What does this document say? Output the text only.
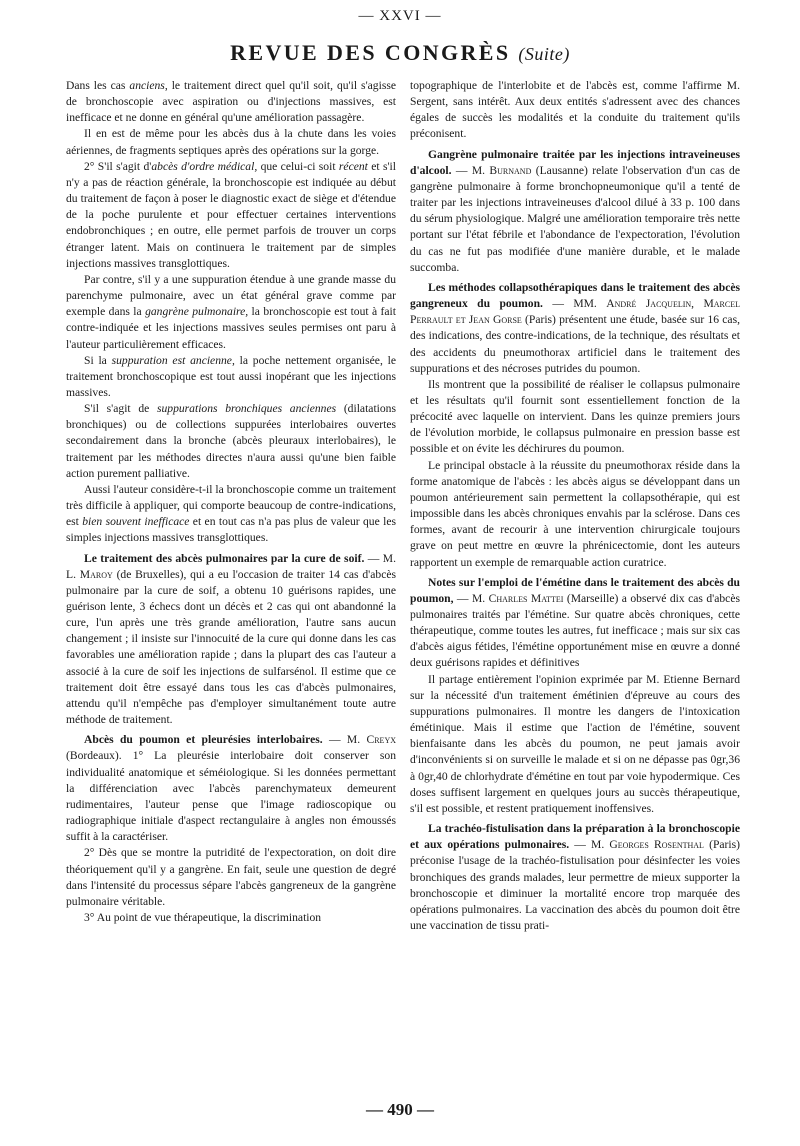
— XXVI —
REVUE DES CONGRÈS (Suite)

Dans les cas anciens, le traitement direct quel qu'il soit, qu'il s'agisse de bronchoscopie avec aspiration ou d'injections massives, est inefficace et ne donne en général qu'une amélioration passagère.

Il en est de même pour les abcès dus à la chute dans les voies aériennes, de fragments septiques après des opérations sur la gorge.

2° S'il s'agit d'abcès d'ordre médical, que celui-ci soit récent et s'il n'y a pas de réaction générale, la bronchoscopie est indiquée au début du traitement de façon à poser le diagnostic exact de siège et d'étendue de la poche purulente et pour effectuer certaines interventions endobronchiques ; en outre, elle permet parfois de trouver un corps étranger latent. Mais on continuera le traitement par de simples injections massives transglottiques.

Par contre, s'il y a une suppuration étendue à une grande masse du parenchyme pulmonaire, avec un état général grave comme par exemple dans la gangrène pulmonaire, la bronchoscopie est tout à fait contre-indiquée et les injections massives seules permises ont paru à l'auteur particulièrement efficaces.

Si la suppuration est ancienne, la poche nettement organisée, le traitement bronchoscopique est tout aussi inopérant que les injections massives.

S'il s'agit de suppurations bronchiques anciennes (dilatations bronchiques) ou de collections suppurées interlobaires ouvertes secondairement dans la bronche (abcès pleuraux interlobaires), le traitement par les méthodes directes n'aura aussi qu'une bien faible action purement palliative.

Aussi l'auteur considère-t-il la bronchoscopie comme un traitement très difficile à appliquer, qui comporte beaucoup de contre-indications, est bien souvent inefficace et en tout cas n'a pas plus de valeur que les simples injections massives transglottiques.

Le traitement des abcès pulmonaires par la cure de soif. — M. L. Maroy (de Bruxelles), qui a eu l'occasion de traiter 14 cas d'abcès pulmonaire par la cure de soif, a obtenu 10 guérisons rapides, une guérison lente, 3 échecs dont un décès et 2 cas qui ont abandonné la cure, l'un après une très grande amélioration, l'autre sans aucun changement ; il insiste sur l'innocuité de la cure qui donne dans les cas favorables une amélioration rapide ; dans la plupart des cas l'auteur a associé à la cure de soif les injections de sulfarsénol. Il estime que ce traitement doit être essayé dans tous les cas d'abcès pulmonaires, attendu qu'il n'empêche pas d'employer simultanément toute autre méthode de traitement.

Abcès du poumon et pleurésies interlobaires. — M. Creyx (Bordeaux). 1° La pleurésie interlobaire doit conserver son individualité anatomique et séméiologique. Si les données permettant la différenciation avec l'abcès parenchymateux demeurent rudimentaires, l'auteur pense que l'image radioscopique ou radiographique initiale d'aspect rectangulaire à angles non émoussés suffit à la caractériser.

2° Dès que se montre la putridité de l'expectoration, on doit dire théoriquement qu'il y a gangrène. En fait, seule une question de degré dans l'intensité du processus sépare l'abcès gangreneux de la gangrène pulmonaire véritable.

3° Au point de vue thérapeutique, la discrimination

topographique de l'interlobite et de l'abcès est, comme l'affirme M. Sergent, sans intérêt. Aux deux entités s'adressent avec des chances égales de succès les modalités et la conduite du traitement qu'ils préconisent.

Gangrène pulmonaire traitée par les injections intraveineuses d'alcool. — M. Burnand (Lausanne) relate l'observation d'un cas de gangrène pulmonaire à forme bronchopneumonique qu'il a tenté de traiter par les injections intraveineuses d'alcool dilué à 33 p. 100 dans du sérum physiologique. Malgré une amélioration temporaire très nette portant sur l'état fébrile et l'abondance de l'expectoration, l'évolution du cas ne fut pas modifiée d'une manière durable, et le malade succomba.

Les méthodes collapsothérapiques dans le traitement des abcès gangreneux du poumon. — MM. André Jacquelin, Marcel Perrault et Jean Gorse (Paris) présentent une étude, basée sur 16 cas, des indications, des contre-indications, de la technique, des résultats et des accidents du pneumothorax artificiel dans le traitement des suppurations et des nécroses putrides du poumon.

Ils montrent que la possibilité de réaliser le collapsus pulmonaire et les résultats qu'il fournit sont essentiellement fonction de la précocité avec laquelle on intervient. Dans les quinze premiers jours de l'évolution morbide, le collapsus pulmonaire en pression basse est possible et on évite les déchirures du poumon.

Le principal obstacle à la réussite du pneumothorax réside dans la forme anatomique de l'abcès : les abcès aigus se développant dans un poumon antérieurement sain permettent la collapsothérapie, qui est impossible dans les abcès chroniques envahis par la sclérose. Dans ces formes, avant de recourir à une intervention chirurgicale toujours grave on peut mettre en œuvre la phrénicectomie, dont les auteurs rapportent un exemple de remarquable action curatrice.

Notes sur l'emploi de l'émétine dans le traitement des abcès du poumon, — M. Charles Mattei (Marseille) a observé dix cas d'abcès pulmonaires traités par l'émétine. Sur quatre abcès chroniques, cette thérapeutique, comme toutes les autres, fut inefficace ; mais sur six cas d'abcès aigus fétides, l'émétine opportunément mise en œuvre a donné deux guérisons rapides et définitives

Il partage entièrement l'opinion exprimée par M. Etienne Bernard sur la nécessité d'un traitement émétinien d'épreuve au cours des suppurations pulmonaires. Il montre les dangers de l'intoxication émétinique. Mais il estime que l'action de l'émétine, souvent bienfaisante dans les abcès du poumon, ne peut jamais avoir d'inconvénients si on surveille le malade et si on ne dépasse pas 0gr,36 à 0gr,40 de chlorhydrate d'émétine en tout par voie hypodermique. Ces doses suffisent largement en quelques jours au succès thérapeutique, s'il est possible, et restent pratiquement inoffensives.

La trachéo-fistulisation dans la préparation à la bronchoscopie et aux opérations pulmonaires. — M. Georges Rosenthal (Paris) préconise l'usage de la trachéo-fistulisation pour désinfecter les voies bronchiques des grands malades, leur permettre de mieux supporter la bronchoscopie et diminuer la mortalité encore trop marquée des opérations pulmonaires. La vaccination des abcès du poumon doit être une vaccination de tissu prati-

— 490 —
